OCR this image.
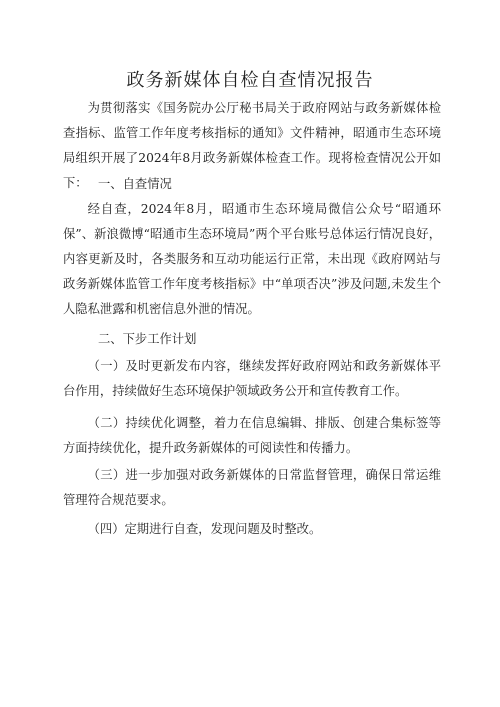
政务新媒体自检自查情况报告

为贯彻落实《国务院办公厅秘书局关于政府网站与政务新媒体检查指标、监管工作年度考核指标的通知》文件精神，昭通市生态环境局组织开展了2024年8月政务新媒体检查工作。现将检查情况公开如下： 一、自查情况

经自查，2024年8月，昭通市生态环境局微信公众号“昭通环保”、新浪微博“昭通市生态环境局”两个平台账号总体运行情况良好，内容更新及时，各类服务和互动功能运行正常，未出现《政府网站与政务新媒体监管工作年度考核指标》中“单项否决”涉及问题,未发生个人隐私泄露和机密信息外泄的情况。

二、下步工作计划

（一）及时更新发布内容，继续发挥好政府网站和政务新媒体平台作用，持续做好生态环境保护领域政务公开和宣传教育工作。

（二）持续优化调整，着力在信息编辑、排版、创建合集标签等方面持续优化，提升政务新媒体的可阅读性和传播力。

（三）进一步加强对政务新媒体的日常监督管理，确保日常运维管理符合规范要求。

（四）定期进行自查，发现问题及时整改。
